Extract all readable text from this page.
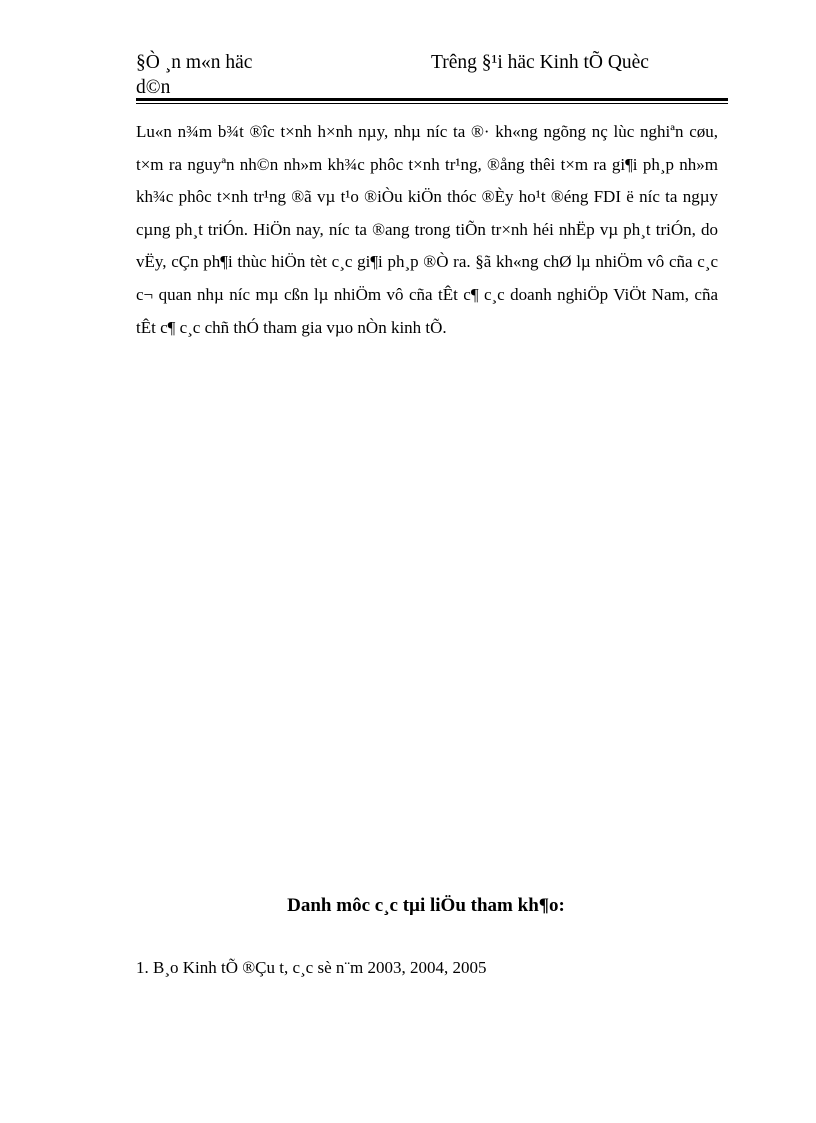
§Ò ¸n m«n häc d©n
Trêng §¹i häc Kinh tÕ Quèc

Lu«n n¾m b¾t ®îc t×nh h×nh nµy, nhµ níc ta ®· kh«ng ngõng nç lùc nghiªn cøu, t×m ra nguyªn nh©n nh»m kh¾c phôc t×nh tr¹ng, ®ång thêi t×m ra gi¶i ph¸p nh»m kh¾c phôc t×nh tr¹ng ®ã vµ t¹o ®iÒu kiÖn thóc ®Èy ho¹t ®éng FDI ë níc ta ngµy cµng ph¸t triÓn. HiÖn nay, níc ta ®ang trong tiÕn tr×nh héi nhËp vµ ph¸t triÓn, do vËy, cÇn ph¶i thùc hiÖn tèt c¸c gi¶i ph¸p ®Ò ra. §ã kh«ng chØ lµ nhiÖm vô cña c¸c c¬ quan nhµ níc mµ cßn lµ nhiÖm vô cña tÊt c¶ c¸c doanh nghiÖp ViÖt Nam, cña tÊt c¶ c¸c chñ thÓ tham gia vµo nÒn kinh tÕ.

Danh môc c¸c tµi liÖu tham kh¶o:
1. B¸o Kinh tÕ ®Çu t, c¸c sè n¨m 2003, 2004, 2005
